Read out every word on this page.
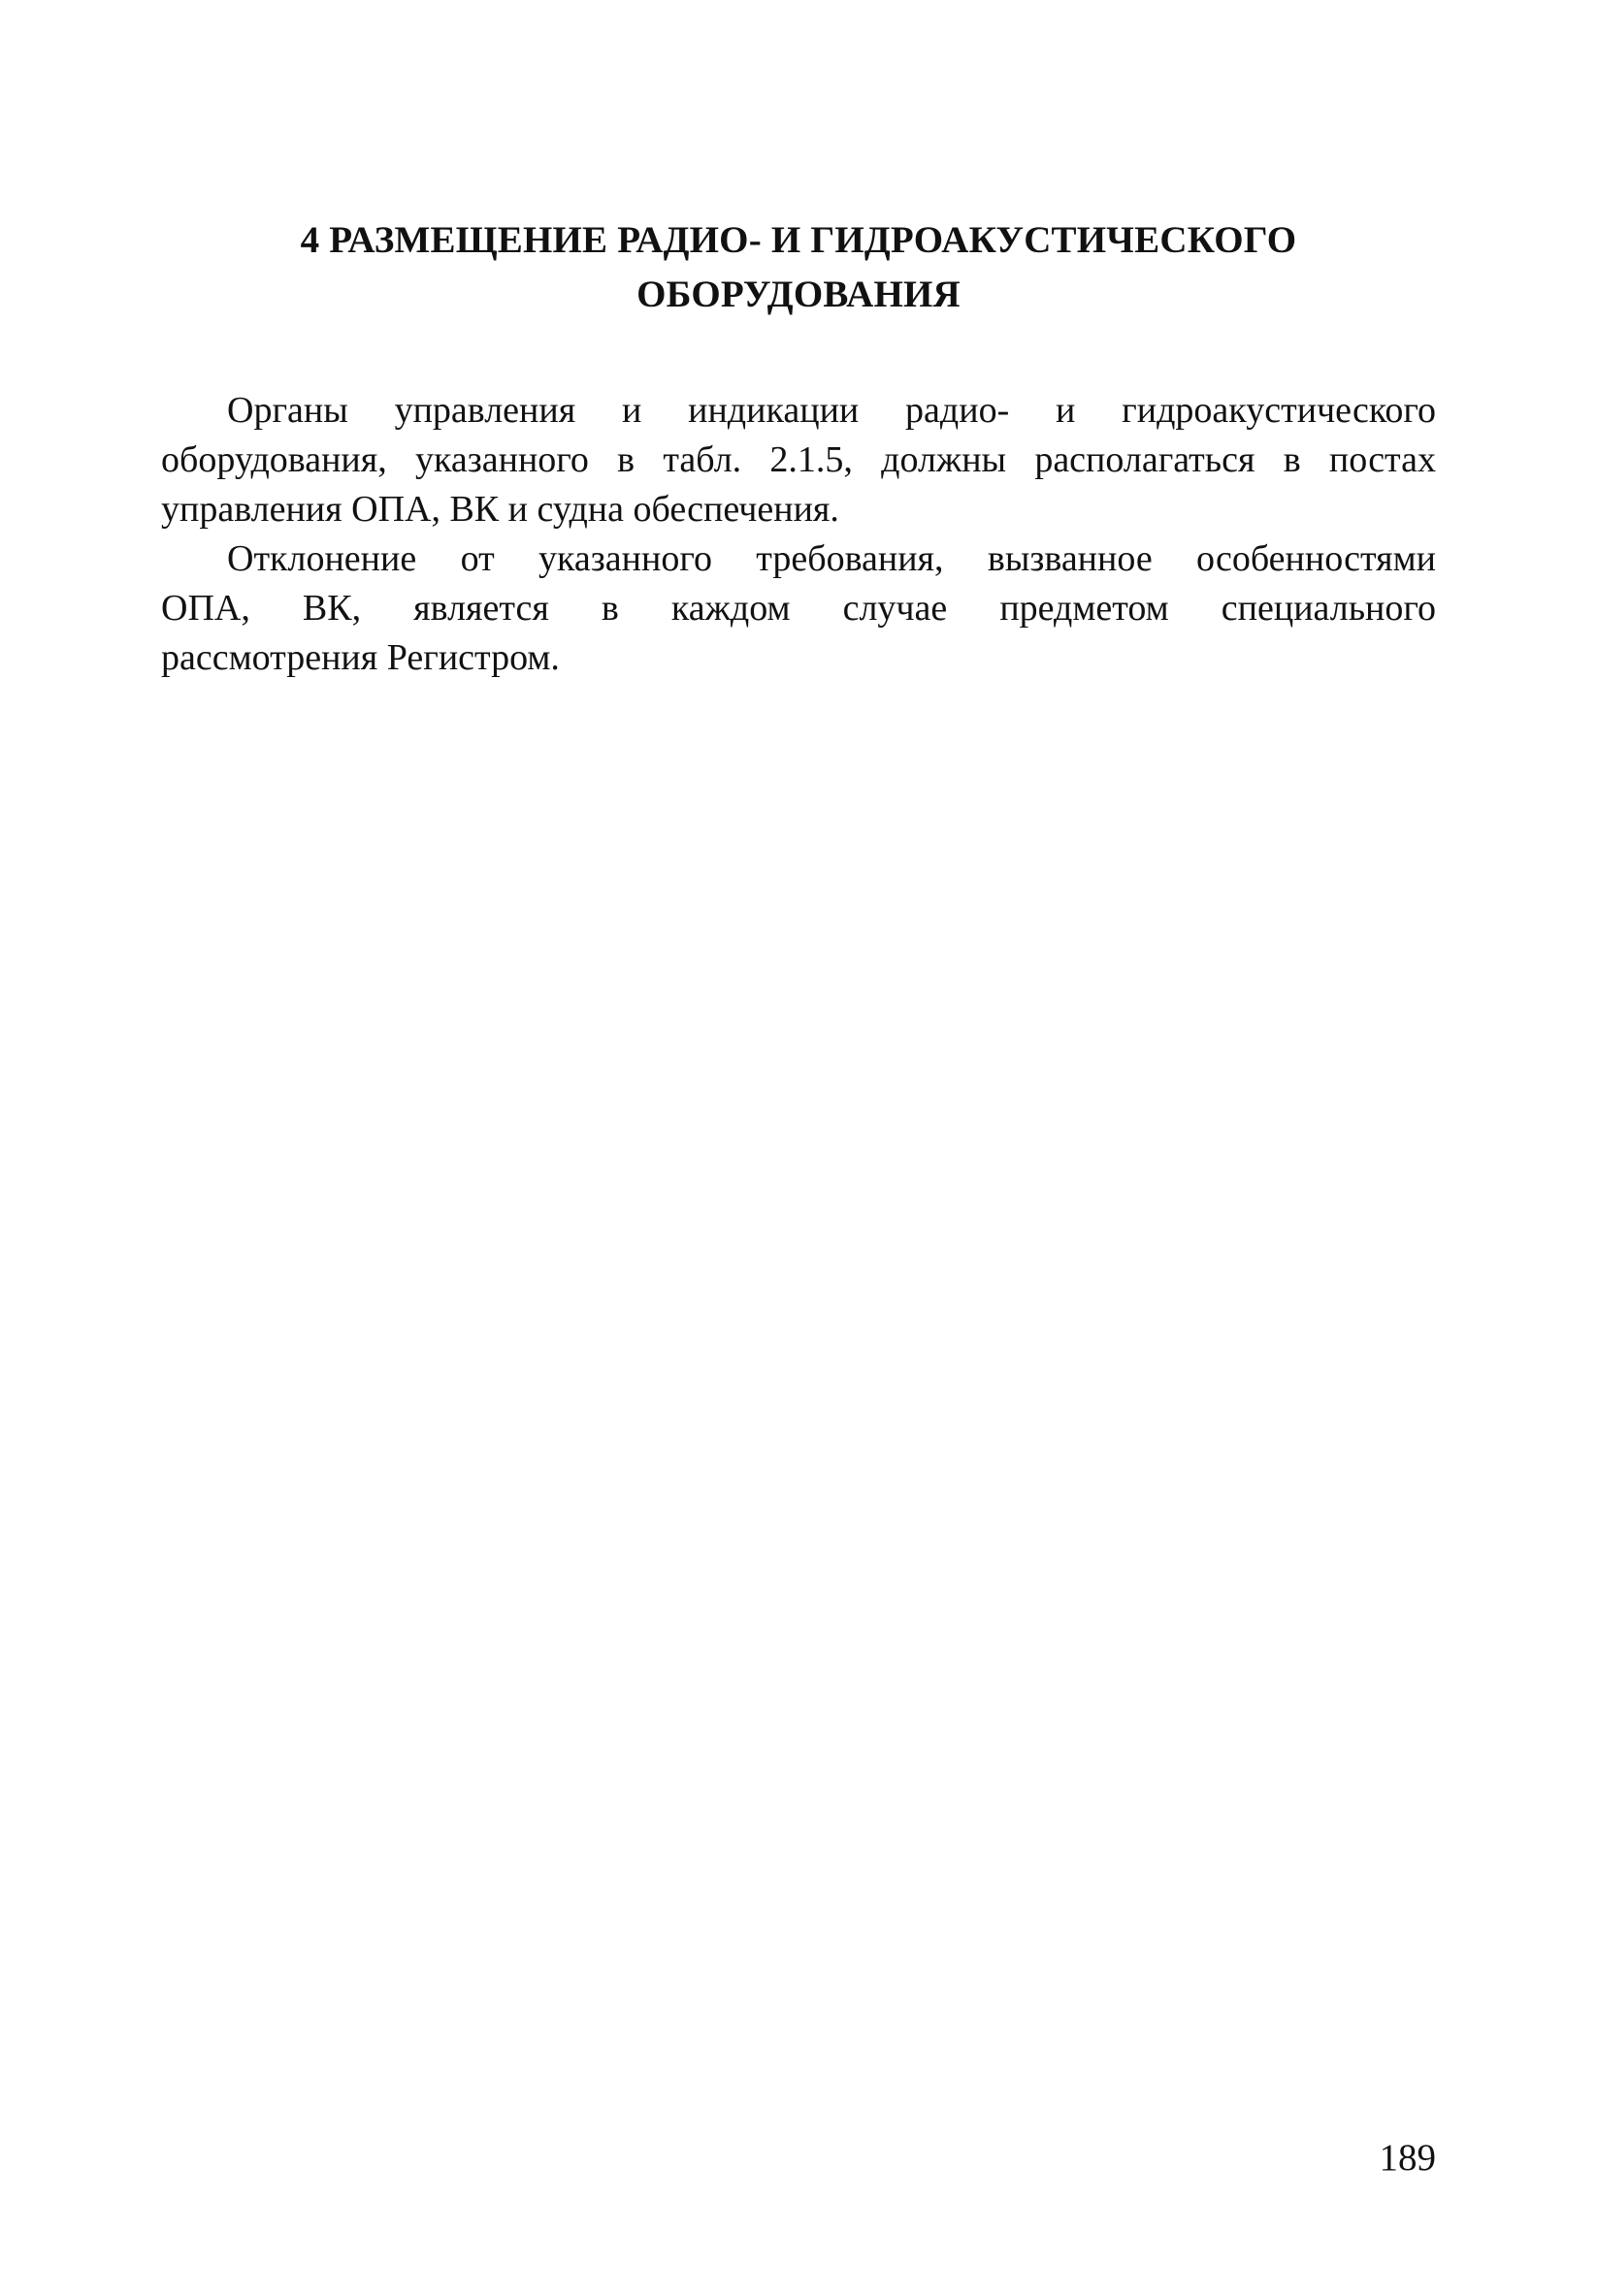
4 РАЗМЕЩЕНИЕ РАДИО- И ГИДРОАКУСТИЧЕСКОГО
ОБОРУДОВАНИЯ

Органы управления и индикации радио- и гидроакустического
оборудования, указанного в табл. 2.1.5, должны располагаться в постах
управления ОПА, ВК и судна обеспечения.

Отклонение от указанного требования, вызванное особенностями
ОПА, ВК, является в каждом случае предметом специального
рассмотрения Регистром.

189
